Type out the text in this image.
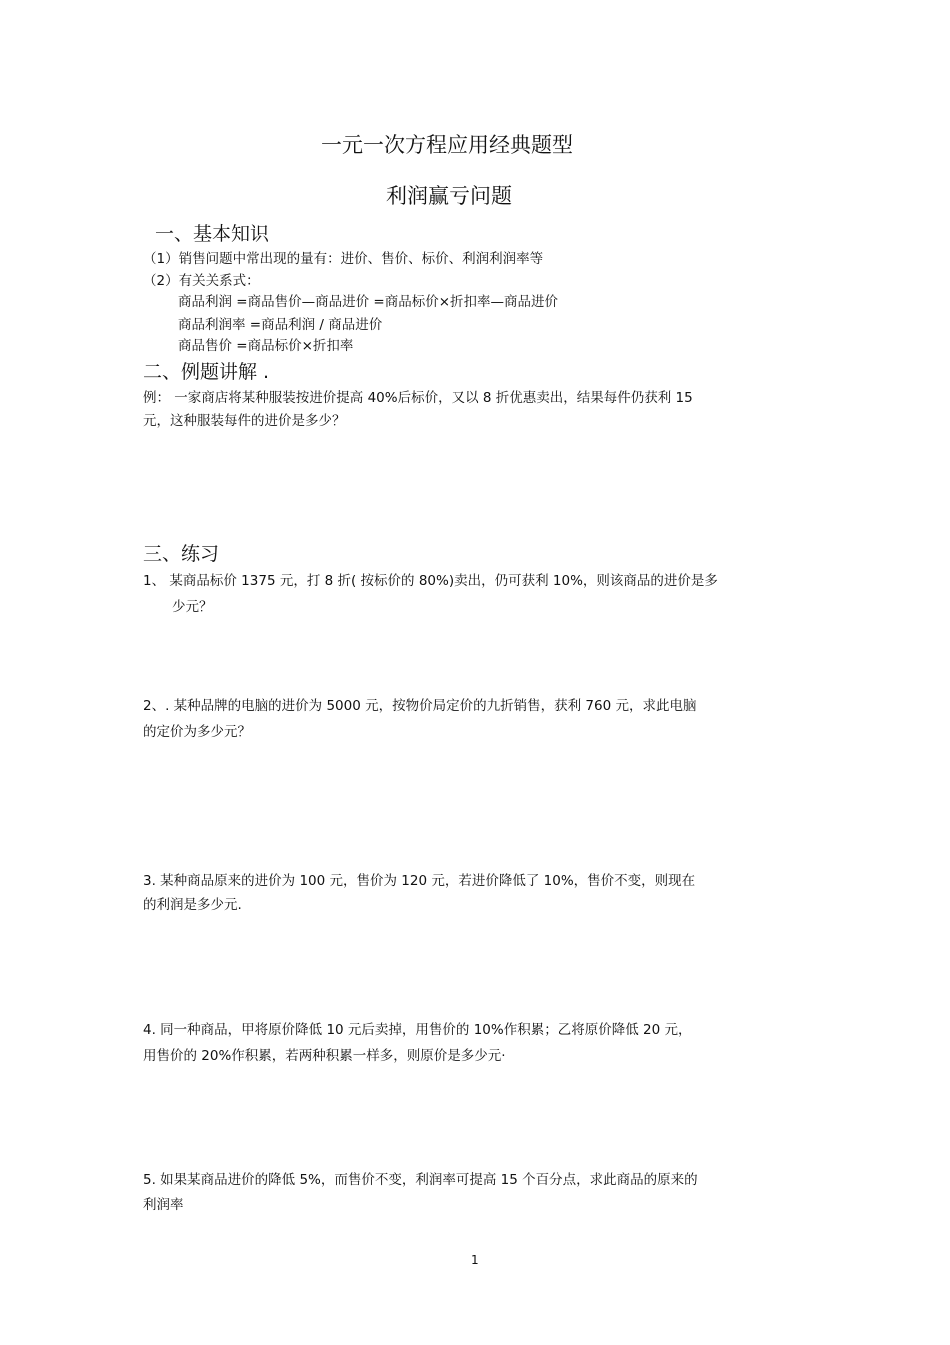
一元一次方程应用经典题型
利润赢亏问题
一、基本知识
（1）销售问题中常出现的量有：进价、售价、标价、利润利润率等
（2）有关关系式：
商品利润 =商品售价—商品进价 =商品标价×折扣率—商品进价
商品利润率 =商品利润 / 商品进价
商品售价 =商品标价×折扣率
二、例题讲解 .
例： 一家商店将某种服装按进价提高 40%后标价，又以 8 折优惠卖出，结果每件仍获利 15
元，这种服装每件的进价是多少？
三、练习
1、 某商品标价 1375 元，打 8 折( 按标价的 80%)卖出，仍可获利 10%，则该商品的进价是多
少元？
2、. 某种品牌的电脑的进价为 5000 元，按物价局定价的九折销售，获利 760 元，求此电脑
的定价为多少元？
3. 某种商品原来的进价为 100 元，售价为 120 元，若进价降低了 10%，售价不变，则现在
的利润是多少元.
4. 同一种商品，甲将原价降低 10 元后卖掉，用售价的 10%作积累；乙将原价降低 20 元，
用售价的 20%作积累，若两种积累一样多，则原价是多少元·
5. 如果某商品进价的降低 5%，而售价不变，利润率可提高 15 个百分点，求此商品的原来的
利润率
1
